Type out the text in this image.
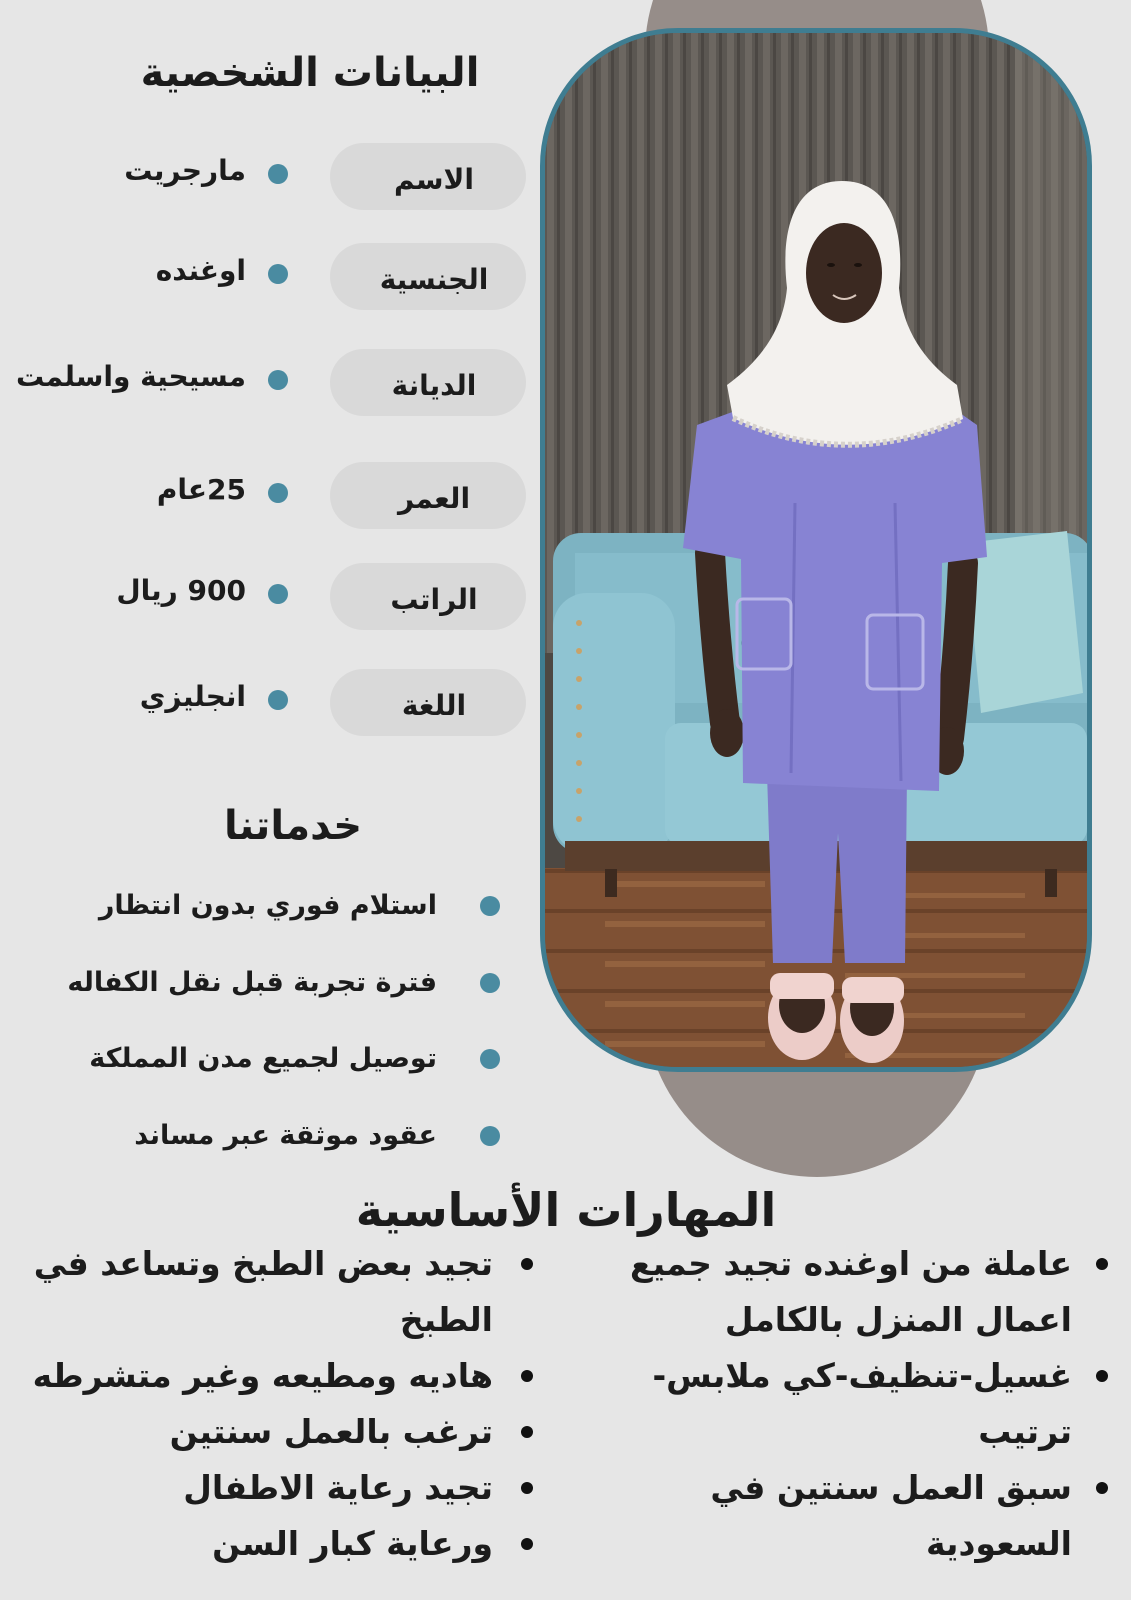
البيانات الشخصية
الاسم
مارجريت
الجنسية
اوغنده
الديانة
مسيحية واسلمت
العمر
25عام
الراتب
900 ريال
اللغة
انجليزي
خدماتنا
استلام فوري بدون انتظار
فترة تجربة قبل نقل الكفاله
توصيل لجميع مدن المملكة
عقود موثقة عبر مساند
المهارات الأساسية
عاملة من اوغنده تجيد جميع اعمال المنزل بالكامل
غسيل-تنظيف-كي ملابس-ترتيب
سبق العمل سنتين في السعودية
تجيد بعض الطبخ وتساعد في الطبخ
هاديه ومطيعه وغير متشرطه
ترغب بالعمل سنتين
تجيد رعاية الاطفال
ورعاية كبار السن
